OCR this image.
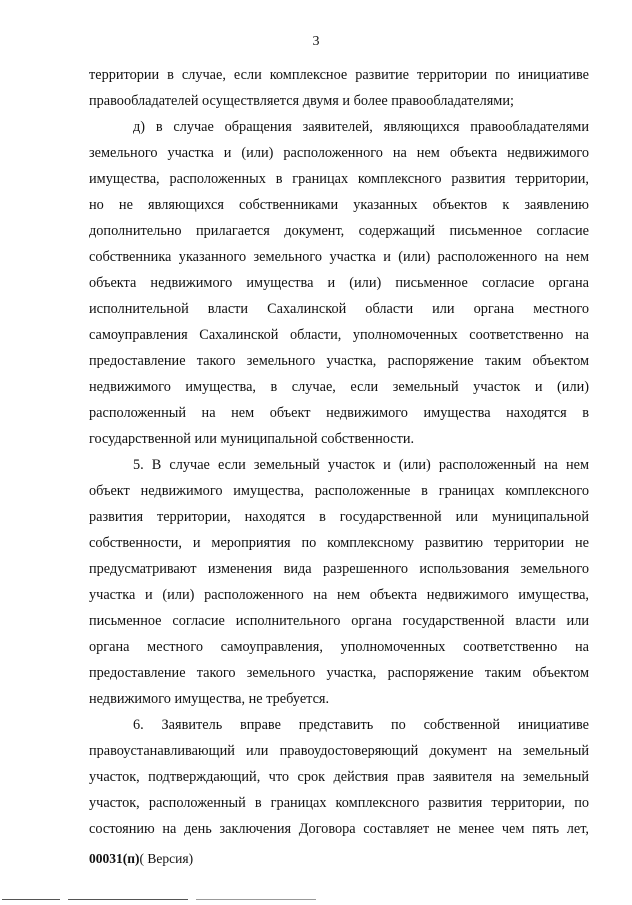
3
территории в случае, если комплексное развитие территории по инициативе
правообладателей осуществляется двумя и более правообладателями;
д) в случае обращения заявителей, являющихся правообладателями
земельного участка и (или) расположенного на нем объекта недвижимого
имущества, расположенных в границах комплексного развития территории,
но не являющихся собственниками указанных объектов к заявлению
дополнительно прилагается документ, содержащий письменное согласие
собственника указанного земельного участка и (или) расположенного на нем
объекта недвижимого имущества и (или) письменное согласие органа
исполнительной власти Сахалинской области или органа местного
самоуправления Сахалинской области, уполномоченных соответственно на
предоставление такого земельного участка, распоряжение таким объектом
недвижимого имущества, в случае, если земельный участок и (или)
расположенный на нем объект недвижимого имущества находятся в
государственной или муниципальной собственности.
5. В случае если земельный участок и (или) расположенный на нем
объект недвижимого имущества, расположенные в границах комплексного
развития территории, находятся в государственной или муниципальной
собственности, и мероприятия по комплексному развитию территории не
предусматривают изменения вида разрешенного использования земельного
участка и (или) расположенного на нем объекта недвижимого имущества,
письменное согласие исполнительного органа государственной власти или
органа местного самоуправления, уполномоченных соответственно на
предоставление такого земельного участка, распоряжение таким объектом
недвижимого имущества, не требуется.
6. Заявитель вправе представить по собственной инициативе
правоустанавливающий или правоудостоверяющий документ на земельный
участок, подтверждающий, что срок действия прав заявителя на земельный
участок, расположенный в границах комплексного развития территории, по
состоянию на день заключения Договора составляет не менее чем пять лет,
00031(п)( Версия)
